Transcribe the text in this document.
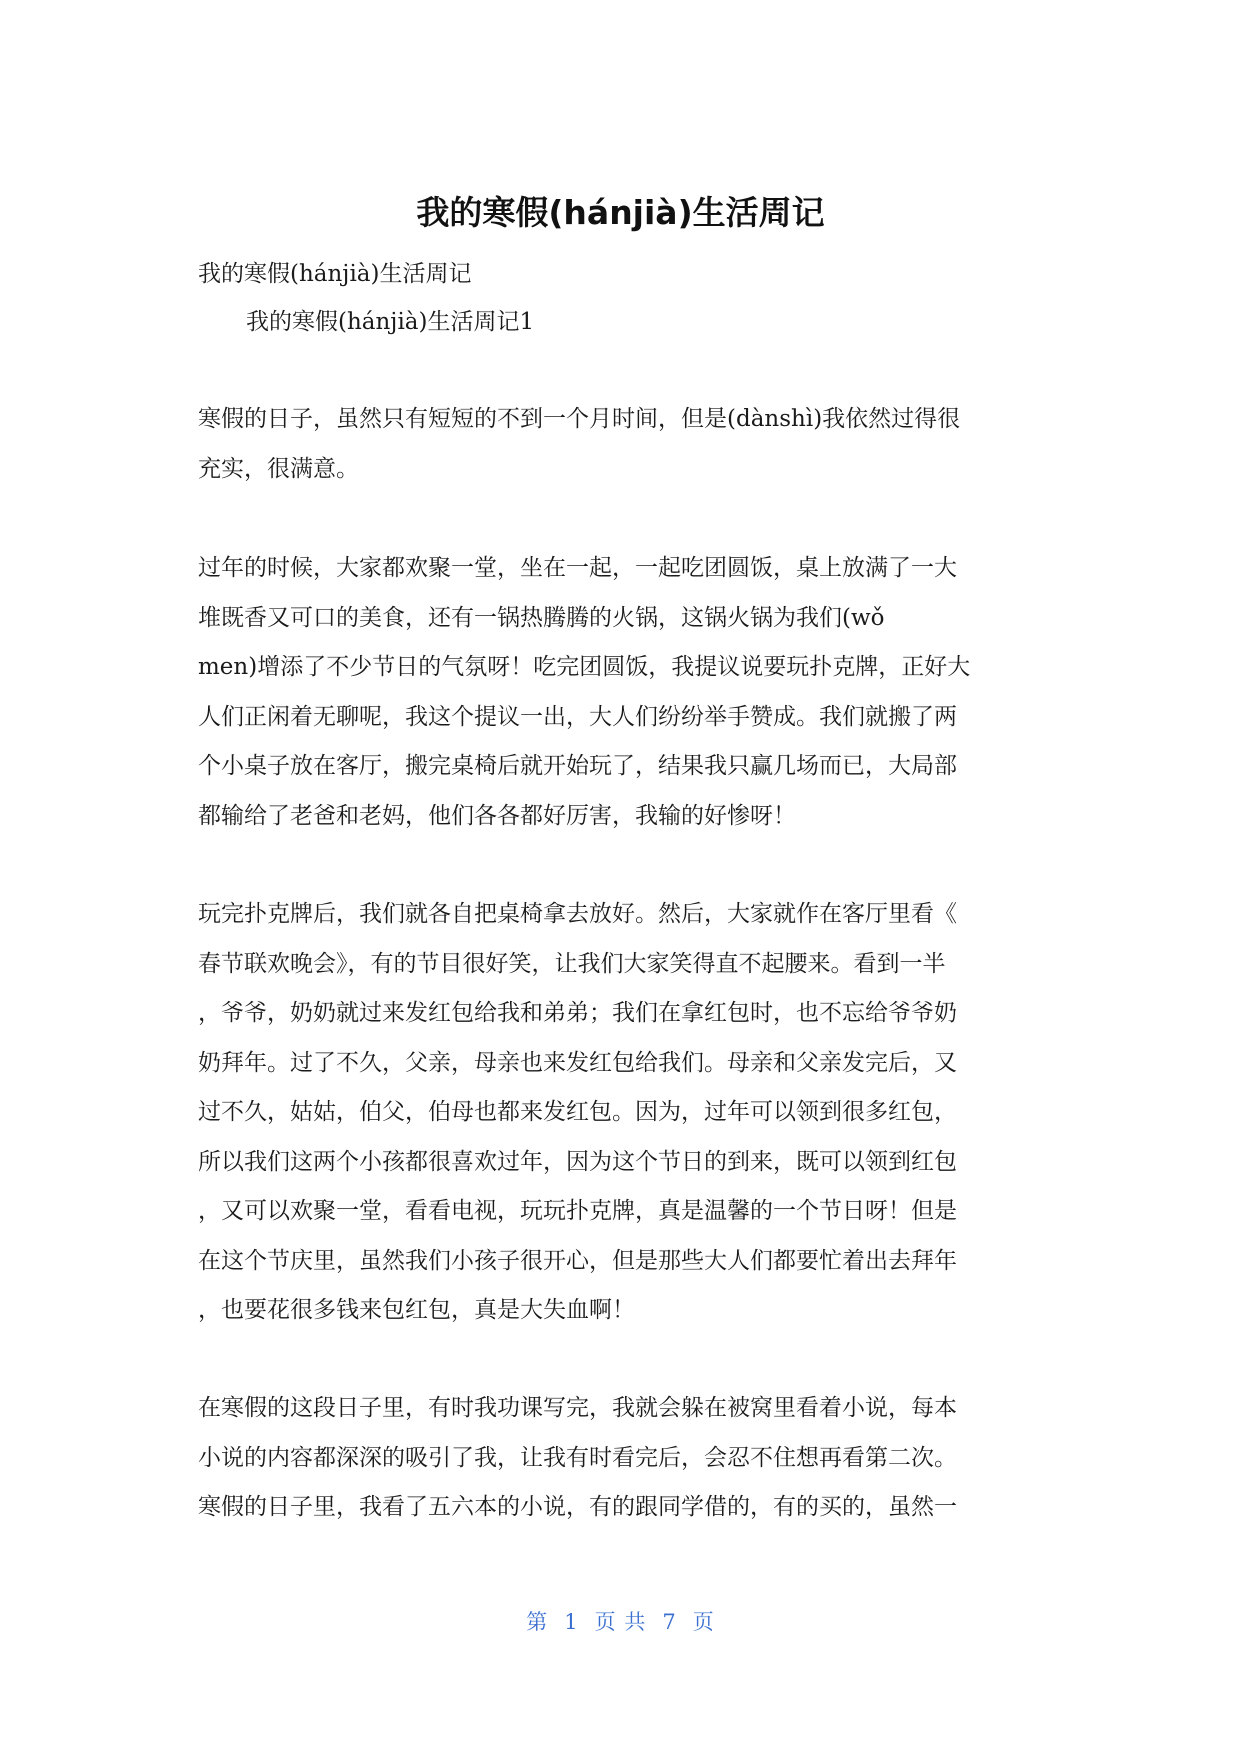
我的寒假(hánjià)生活周记

我的寒假(hánjià)生活周记

我的寒假(hánjià)生活周记1

寒假的日子，虽然只有短短的不到一个月时间，但是(dànshì)我依然过得很
充实，很满意。
过年的时候，大家都欢聚一堂，坐在一起，一起吃团圆饭，桌上放满了一大
堆既香又可口的美食，还有一锅热腾腾的火锅，这锅火锅为我们(wǒ
men)增添了不少节日的气氛呀！吃完团圆饭，我提议说要玩扑克牌，正好大
人们正闲着无聊呢，我这个提议一出，大人们纷纷举手赞成。我们就搬了两
个小桌子放在客厅，搬完桌椅后就开始玩了，结果我只赢几场而已，大局部
都输给了老爸和老妈，他们各各都好厉害，我输的好惨呀！
玩完扑克牌后，我们就各自把桌椅拿去放好。然后，大家就作在客厅里看《
春节联欢晚会》，有的节目很好笑，让我们大家笑得直不起腰来。看到一半
，爷爷，奶奶就过来发红包给我和弟弟；我们在拿红包时，也不忘给爷爷奶
奶拜年。过了不久，父亲，母亲也来发红包给我们。母亲和父亲发完后，又
过不久，姑姑，伯父，伯母也都来发红包。因为，过年可以领到很多红包，
所以我们这两个小孩都很喜欢过年，因为这个节日的到来，既可以领到红包
，又可以欢聚一堂，看看电视，玩玩扑克牌，真是温馨的一个节日呀！但是
在这个节庆里，虽然我们小孩子很开心，但是那些大人们都要忙着出去拜年
，也要花很多钱来包红包，真是大失血啊！
在寒假的这段日子里，有时我功课写完，我就会躲在被窝里看着小说，每本
小说的内容都深深的吸引了我，让我有时看完后，会忍不住想再看第二次。
寒假的日子里，我看了五六本的小说，有的跟同学借的，有的买的，虽然一

第 1 页 共 7 页
